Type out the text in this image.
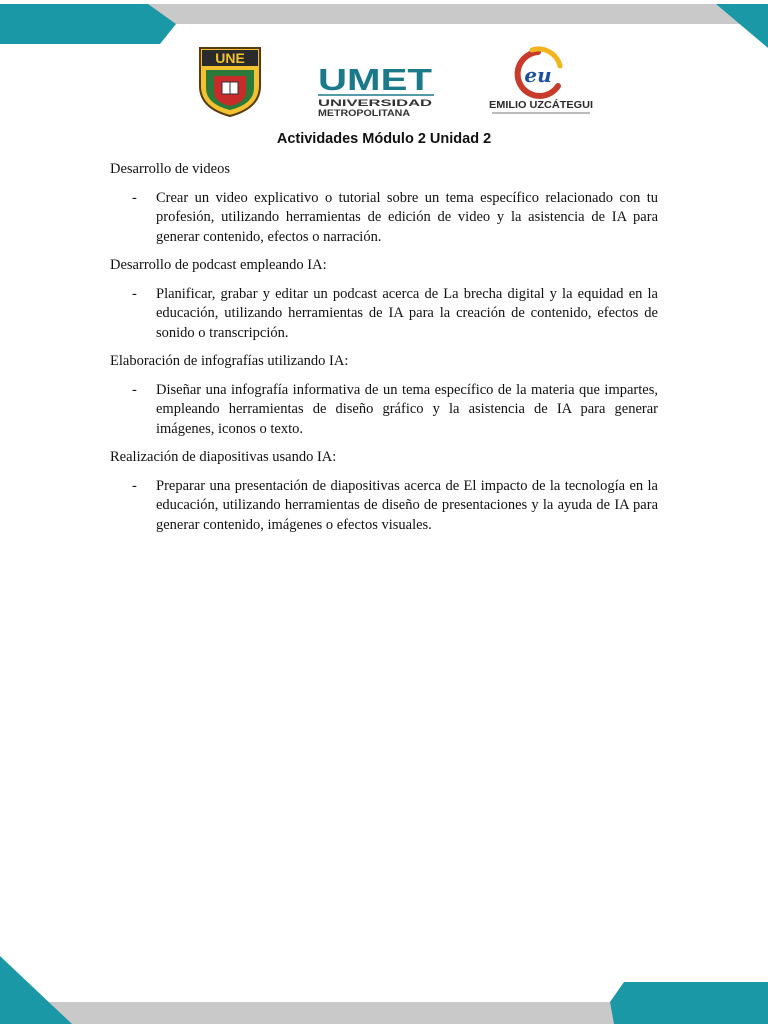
UNE
UMET
UNIVERSIDAD
METROPOLITANA
eu
EMILIO UZCÁTEGUI
Actividades Módulo 2 Unidad 2

Desarrollo de videos

- Crear un video explicativo o tutorial sobre un tema específico relacionado con tu profesión, utilizando herramientas de edición de video y la asistencia de IA para generar contenido, efectos o narración.

Desarrollo de podcast empleando IA:

- Planificar, grabar y editar un podcast acerca de La brecha digital y la equidad en la educación, utilizando herramientas de IA para la creación de contenido, efectos de sonido o transcripción.

Elaboración de infografías utilizando IA:

- Diseñar una infografía informativa de un tema específico de la materia que impartes, empleando herramientas de diseño gráfico y la asistencia de IA para generar imágenes, iconos o texto.

Realización de diapositivas usando IA:

- Preparar una presentación de diapositivas acerca de El impacto de la tecnología en la educación, utilizando herramientas de diseño de presentaciones y la ayuda de IA para generar contenido, imágenes o efectos visuales.
